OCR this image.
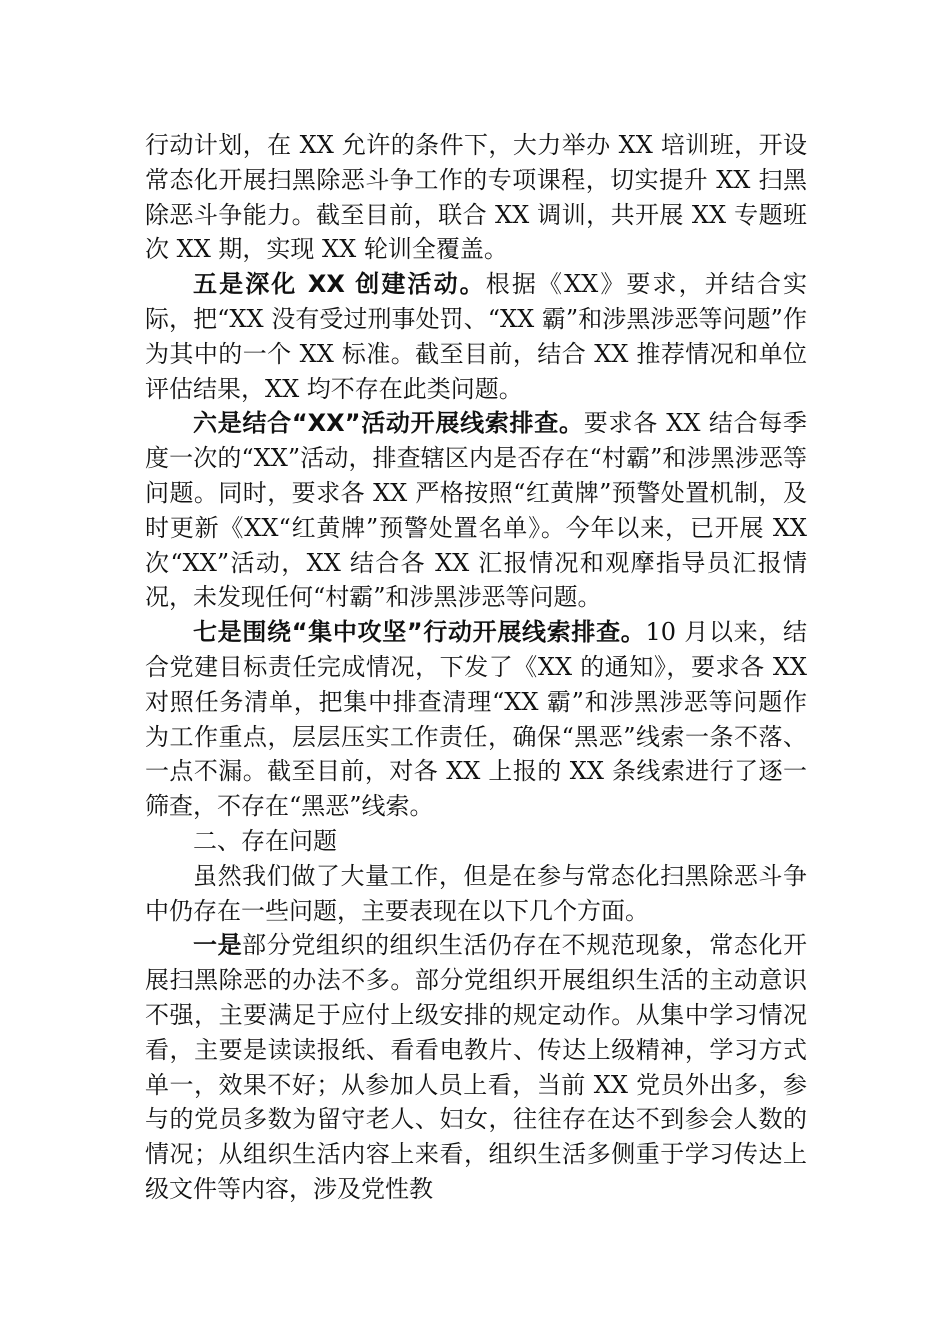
行动计划，在 XX 允许的条件下，大力举办 XX 培训班，开设常态化开展扫黑除恶斗争工作的专项课程，切实提升 XX 扫黑除恶斗争能力。截至目前，联合 XX 调训，共开展 XX 专题班次 XX 期，实现 XX 轮训全覆盖。

五是深化 XX 创建活动。根据《XX》要求，并结合实际，把“XX 没有受过刑事处罚、“XX 霸”和涉黑涉恶等问题”作为其中的一个 XX 标准。截至目前，结合 XX 推荐情况和单位评估结果，XX 均不存在此类问题。

六是结合“XX”活动开展线索排查。要求各 XX 结合每季度一次的“XX”活动，排查辖区内是否存在“村霸”和涉黑涉恶等问题。同时，要求各 XX 严格按照“红黄牌”预警处置机制，及时更新《XX“红黄牌”预警处置名单》。今年以来，已开展 XX 次“XX”活动，XX 结合各 XX 汇报情况和观摩指导员汇报情况，未发现任何“村霸”和涉黑涉恶等问题。

七是围绕“集中攻坚”行动开展线索排查。10 月以来，结合党建目标责任完成情况，下发了《XX 的通知》，要求各 XX 对照任务清单，把集中排查清理“XX 霸”和涉黑涉恶等问题作为工作重点，层层压实工作责任，确保“黑恶”线索一条不落、一点不漏。截至目前，对各 XX 上报的 XX 条线索进行了逐一筛查，不存在“黑恶”线索。

二、存在问题

虽然我们做了大量工作，但是在参与常态化扫黑除恶斗争中仍存在一些问题，主要表现在以下几个方面。

一是部分党组织的组织生活仍存在不规范现象，常态化开展扫黑除恶的办法不多。部分党组织开展组织生活的主动意识不强，主要满足于应付上级安排的规定动作。从集中学习情况看，主要是读读报纸、看看电教片、传达上级精神，学习方式单一，效果不好；从参加人员上看，当前 XX 党员外出多，参与的党员多数为留守老人、妇女，往往存在达不到参会人数的情况；从组织生活内容上来看，组织生活多侧重于学习传达上级文件等内容，涉及党性教
